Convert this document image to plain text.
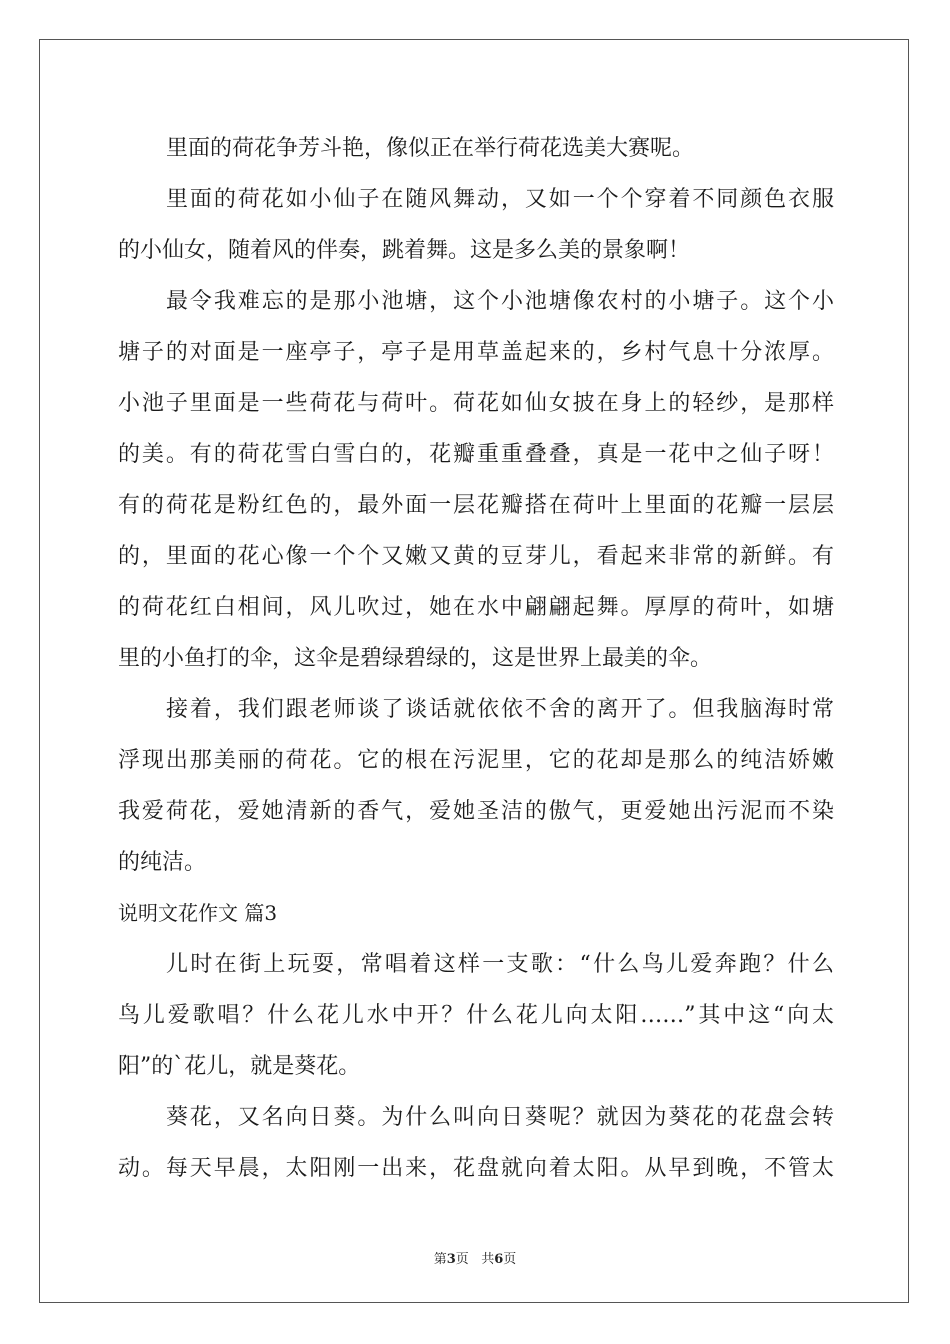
里面的荷花争芳斗艳，像似正在举行荷花选美大赛呢。
里面的荷花如小仙子在随风舞动，又如一个个穿着不同颜色衣服
的小仙女，随着风的伴奏，跳着舞。这是多么美的景象啊！
最令我难忘的是那小池塘，这个小池塘像农村的小塘子。这个小
塘子的对面是一座亭子，亭子是用草盖起来的，乡村气息十分浓厚。
小池子里面是一些荷花与荷叶。荷花如仙女披在身上的轻纱，是那样
的美。有的荷花雪白雪白的，花瓣重重叠叠，真是一花中之仙子呀！
有的荷花是粉红色的，最外面一层花瓣搭在荷叶上里面的花瓣一层层
的，里面的花心像一个个又嫩又黄的豆芽儿，看起来非常的新鲜。有
的荷花红白相间，风儿吹过，她在水中翩翩起舞。厚厚的荷叶，如塘
里的小鱼打的伞，这伞是碧绿碧绿的，这是世界上最美的伞。
接着，我们跟老师谈了谈话就依依不舍的离开了。但我脑海时常
浮现出那美丽的荷花。它的根在污泥里，它的花却是那么的纯洁娇嫩
我爱荷花，爱她清新的香气，爱她圣洁的傲气，更爱她出污泥而不染
的纯洁。
说明文花作文 篇3
儿时在街上玩耍，常唱着这样一支歌：“什么鸟儿爱奔跑？什么
鸟儿爱歌唱？什么花儿水中开？什么花儿向太阳……”其中这“向太
阳”的`花儿，就是葵花。
葵花，又名向日葵。为什么叫向日葵呢？就因为葵花的花盘会转
动。每天早晨，太阳刚一出来，花盘就向着太阳。从早到晚，不管太
第3页 共6页
